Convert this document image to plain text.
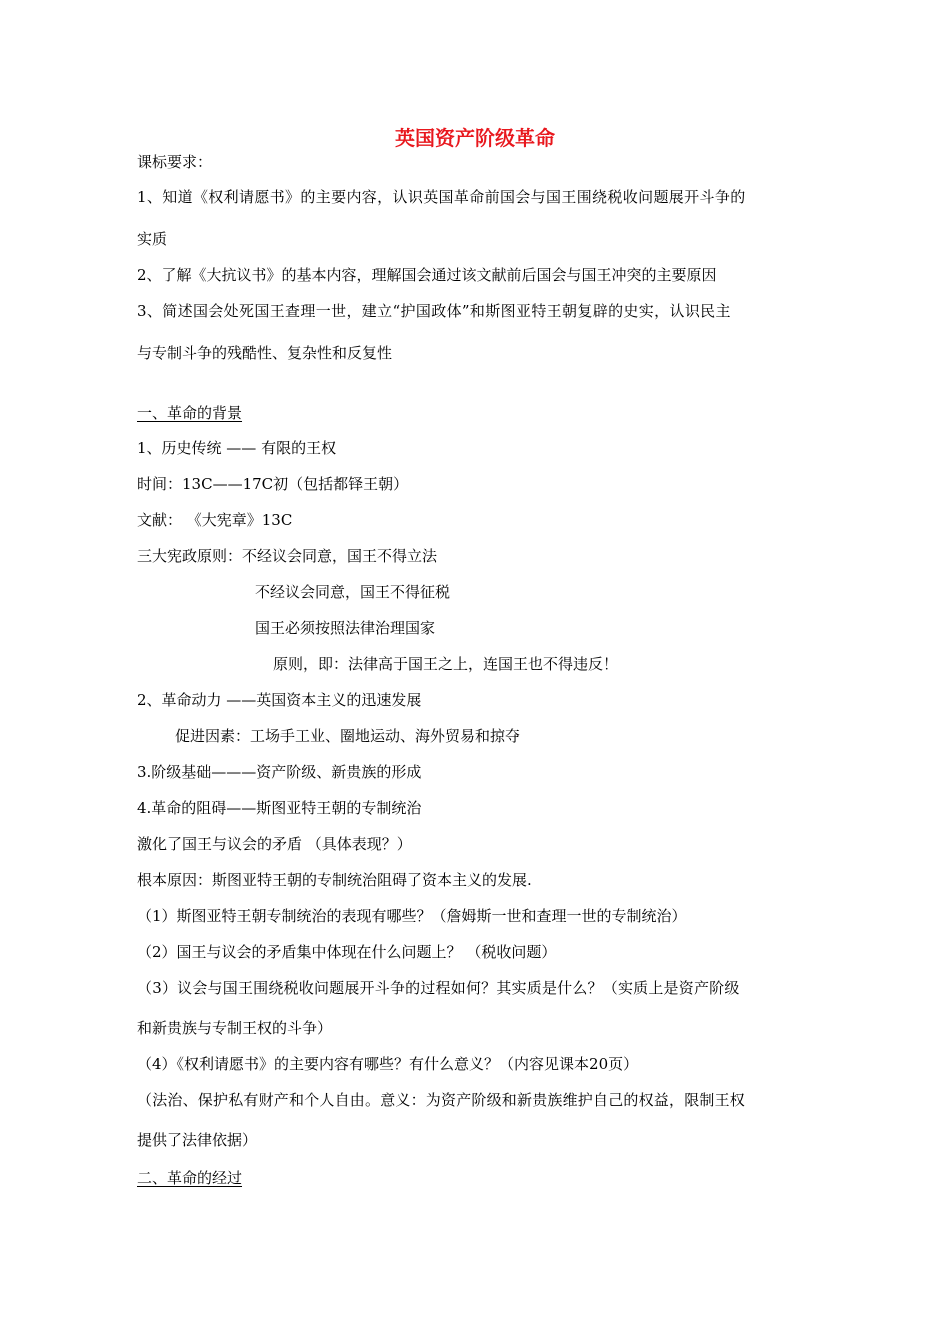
英国资产阶级革命
课标要求：
1、知道《权利请愿书》的主要内容，认识英国革命前国会与国王围绕税收问题展开斗争的
实质
2、了解《大抗议书》的基本内容，理解国会通过该文献前后国会与国王冲突的主要原因
3、简述国会处死国王查理一世，建立“护国政体”和斯图亚特王朝复辟的史实，认识民主
与专制斗争的残酷性、复杂性和反复性
一、革命的背景
1、历史传统 —— 有限的王权
时间：13C——17C初（包括都铎王朝）
文献： 《大宪章》13C
三大宪政原则：不经议会同意，国王不得立法
不经议会同意，国王不得征税
国王必须按照法律治理国家
原则，即：法律高于国王之上，连国王也不得违反！
2、革命动力 ——英国资本主义的迅速发展
促进因素：工场手工业、圈地运动、海外贸易和掠夺
3.阶级基础———资产阶级、新贵族的形成
4.革命的阻碍——斯图亚特王朝的专制统治
激化了国王与议会的矛盾 （具体表现？）
根本原因：斯图亚特王朝的专制统治阻碍了资本主义的发展.
（1）斯图亚特王朝专制统治的表现有哪些？（詹姆斯一世和查理一世的专制统治）
（2）国王与议会的矛盾集中体现在什么问题上？ （税收问题）
（3）议会与国王围绕税收问题展开斗争的过程如何？其实质是什么？（实质上是资产阶级
和新贵族与专制王权的斗争）
（4）《权利请愿书》的主要内容有哪些？有什么意义？（内容见课本20页）
（法治、保护私有财产和个人自由。意义：为资产阶级和新贵族维护自己的权益，限制王权
提供了法律依据）
二、革命的经过
